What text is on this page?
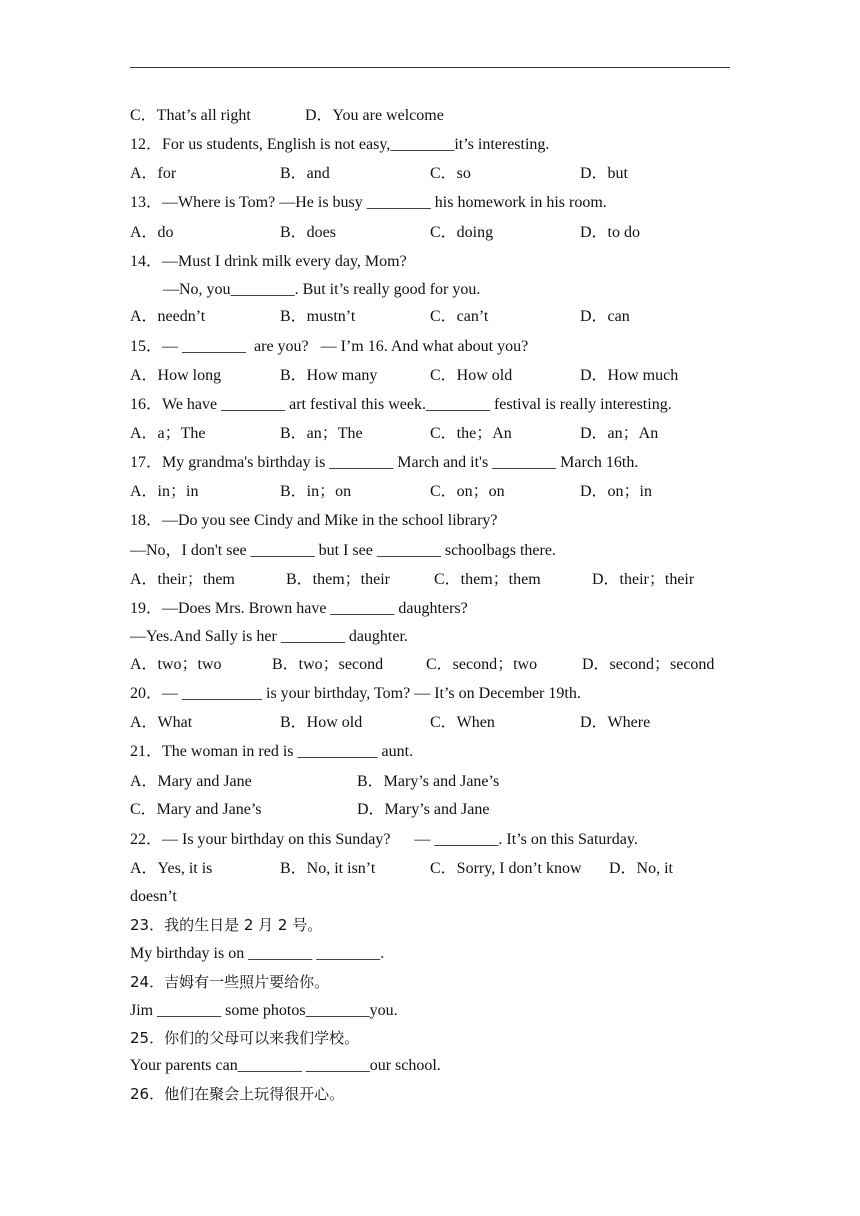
C．That’s all right	D．You are welcome
12．For us students, English is not easy,________it’s interesting.
A．for	B．and	C．so	D．but
13．—Where is Tom? —He is busy ________ his homework in his room.
A．do	B．does	C．doing	D．to do
14．—Must I drink milk every day, Mom?
—No, you________. But it’s really good for you.
A．needn’t	B．mustn’t	C．can’t	D．can
15．— ________  are you?   — I’m 16. And what about you?
A．How long	B．How many	C．How old	D．How much
16．We have ________ art festival this week.________ festival is really interesting.
A．a；The	B．an；The	C．the；An	D．an；An
17．My grandma's birthday is ________ March and it's ________ March 16th.
A．in；in	B．in；on	C．on；on	D．on；in
18．—Do you see Cindy and Mike in the school library?
—No，I don't see ________ but I see ________ schoolbags there.
A．their；them	B．them；their	C．them；them	D．their；their
19．—Does Mrs. Brown have ________ daughters?
—Yes.And Sally is her ________ daughter.
A．two；two	B．two；second	C．second；two	D．second；second
20．— __________ is your birthday, Tom? — It’s on December 19th.
A．What	B．How old	C．When	D．Where
21．The woman in red is __________ aunt.
A．Mary and Jane	B．Mary’s and Jane’s
C．Mary and Jane’s	D．Mary’s and Jane
22．— Is your birthday on this Sunday?      — ________. It’s on this Saturday.
A．Yes, it is	B．No, it isn’t	C．Sorry, I don’t know D．No, it
doesn’t
23．我的生日是 2 月 2 号。
My birthday is on ________ ________.
24．吉姆有一些照片要给你。
Jim ________ some photos________you.
25．你们的父母可以来我们学校。
Your parents can________ ________our school.
26．他们在聚会上玩得很开心。
